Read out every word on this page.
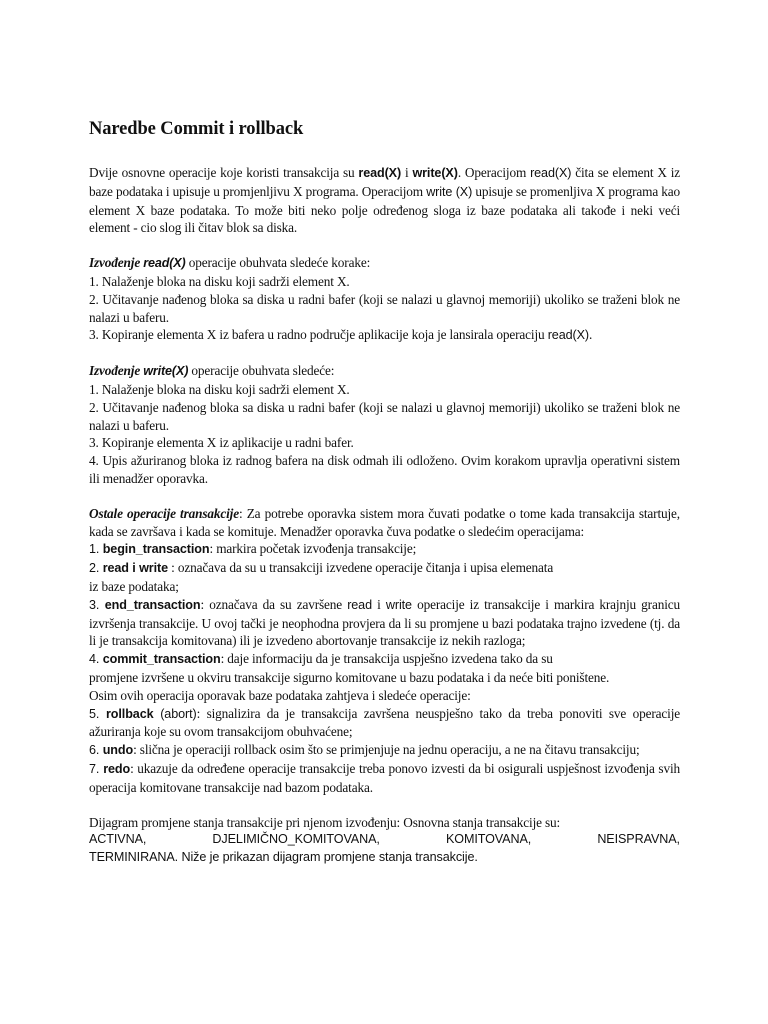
Naredbe Commit i rollback

Dvije osnovne operacije koje koristi transakcija su read(X) i write(X). Operacijom read(X) čita se element X iz baze podataka i upisuje u promjenljivu X programa. Operacijom write (X) upisuje se promenljiva X programa kao element X baze podataka. To može biti neko polje određenog sloga iz baze podataka ali takođe i neki veći element - cio slog ili čitav blok sa diska.

Izvođenje read(X) operacije obuhvata sledeće korake:

1. Nalaženje bloka na disku koji sadrži element X.

2. Učitavanje nađenog bloka sa diska u radni bafer (koji se nalazi u glavnoj memoriji) ukoliko se traženi blok ne nalazi u baferu.

3. Kopiranje elementa X iz bafera u radno područje aplikacije koja je lansirala operaciju read(X).

Izvođenje write(X) operacije obuhvata sledeće:

1. Nalaženje bloka na disku koji sadrži element X.

2. Učitavanje nađenog bloka sa diska u radni bafer (koji se nalazi u glavnoj memoriji) ukoliko se traženi blok ne nalazi u baferu.

3. Kopiranje elementa X iz aplikacije u radni bafer.

4. Upis ažuriranog bloka iz radnog bafera na disk odmah ili odloženo. Ovim korakom upravlja operativni sistem ili menadžer oporavka.

Ostale operacije transakcije: Za potrebe oporavka sistem mora čuvati podatke o tome kada transakcija startuje, kada se završava i kada se komituje. Menadžer oporavka čuva podatke o sledećim operacijama:

1. begin_transaction: markira početak izvođenja transakcije;

2. read i write : označava da su u transakciji izvedene operacije čitanja i upisa elemenata

iz baze podataka;

3. end_transaction: označava da su završene read i write operacije iz transakcije i markira krajnju granicu izvršenja transakcije. U ovoj tački je neophodna provjera da li su promjene u bazi podataka trajno izvedene (tj. da li je transakcija komitovana) ili je izvedeno abortovanje transakcije iz nekih razloga;

4. commit_transaction: daje informaciju da je transakcija uspješno izvedena tako da su

promjene izvršene u okviru transakcije sigurno komitovane u bazu podataka i da neće biti poništene.

Osim ovih operacija oporavak baze podataka zahtjeva i sledeće operacije:

5. rollback (abort): signalizira da je transakcija završena neuspješno tako da treba ponoviti sve operacije ažuriranja koje su ovom transakcijom obuhvaćene;

6. undo: slična je operaciji rollback osim što se primjenjuje na jednu operaciju, a ne na čitavu transakciju;

7. redo: ukazuje da određene operacije transakcije treba ponovo izvesti da bi osigurali uspješnost izvođenja svih operacija komitovane transakcije nad bazom podataka.

Dijagram promjene stanja transakcije pri njenom izvođenju: Osnovna stanja transakcije su:

ACTIVNA,	DJELIMIČNO_KOMITOVANA,	KOMITOVANA,	NEISPRAVNA,

TERMINIRANA. Niže je prikazan dijagram promjene stanja transakcije.
